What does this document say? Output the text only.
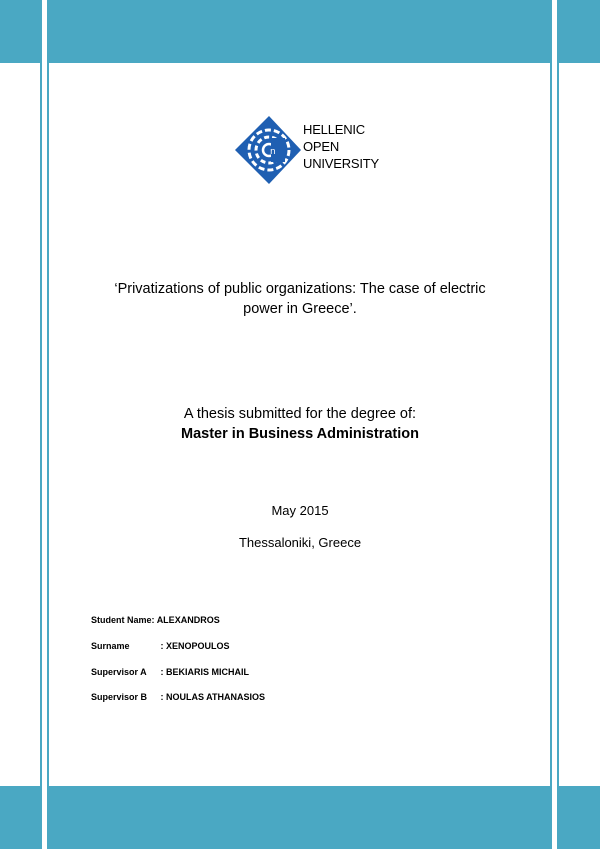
n
HELLENIC
OPEN
UNIVERSITY
‘Privatizations of public organizations: The case of electric
power in Greece’.
A thesis submitted for the degree of:
Master in Business Administration
May 2015
Thessaloniki, Greece
Student Name: ALEXANDROS
Surname	: XENOPOULOS
Supervisor A : BEKIARIS MICHAIL
Supervisor B : NOULAS ATHANASIOS
